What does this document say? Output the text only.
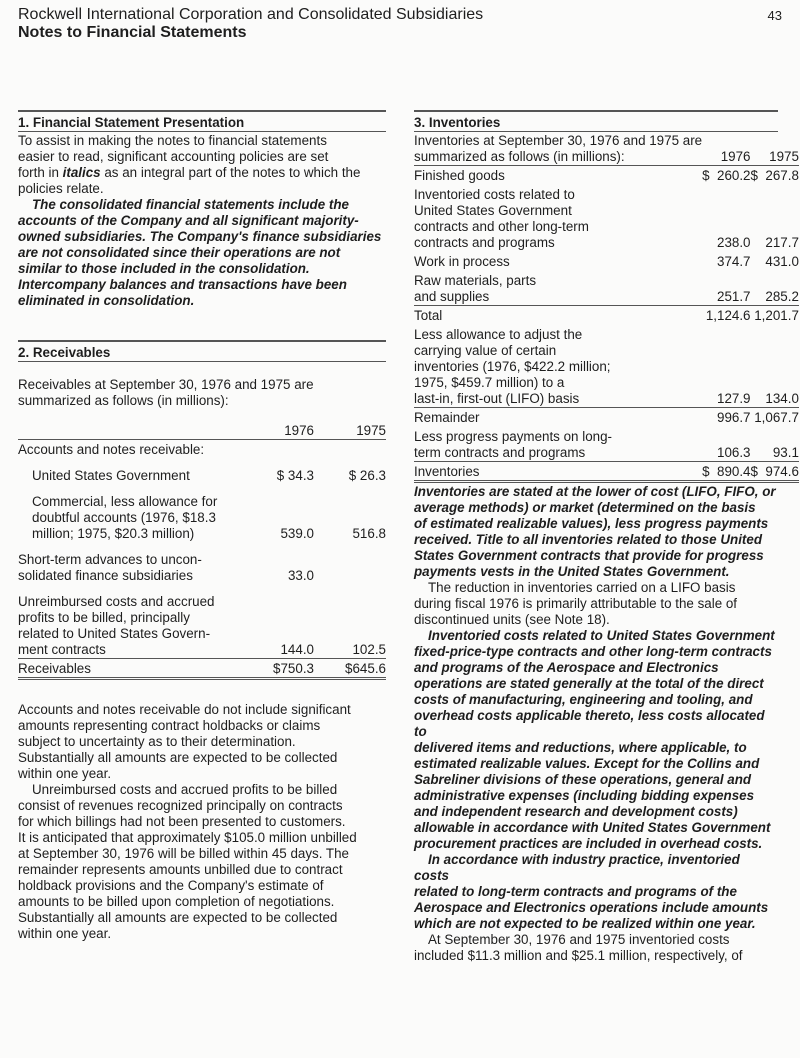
Rockwell International Corporation and Consolidated Subsidiaries
Notes to Financial Statements
43
1. Financial Statement Presentation

To assist in making the notes to financial statements
easier to read, significant accounting policies are set
forth in italics as an integral part of the notes to which the
policies relate.

The consolidated financial statements include the
accounts of the Company and all significant majority-
owned subsidiaries. The Company's finance subsidiaries
are not consolidated since their operations are not
similar to those included in the consolidation.
Intercompany balances and transactions have been
eliminated in consolidation.

2. Receivables

Receivables at September 30, 1976 and 1975 are
summarized as follows (in millions):

	1976	1975
Accounts and notes receivable:		
United States Government	$ 34.3	$ 26.3
Commercial, less allowance for
doubtful accounts (1976, $18.3
million; 1975, $20.3 million)	539.0	516.8
Short-term advances to uncon-
solidated finance subsidiaries	33.0	
Unreimbursed costs and accrued
profits to be billed, principally
related to United States Govern-
ment contracts	144.0	102.5
Receivables	$750.3	$645.6

Accounts and notes receivable do not include significant
amounts representing contract holdbacks or claims
subject to uncertainty as to their determination.
Substantially all amounts are expected to be collected
within one year.

Unreimbursed costs and accrued profits to be billed
consist of revenues recognized principally on contracts
for which billings had not been presented to customers.
It is anticipated that approximately $105.0 million unbilled
at September 30, 1976 will be billed within 45 days. The
remainder represents amounts unbilled due to contract
holdback provisions and the Company's estimate of
amounts to be billed upon completion of negotiations.
Substantially all amounts are expected to be collected
within one year.

3. Inventories
Inventories at September 30, 1976 and 1975 are
summarized as follows (in millions):	1976	1975
Finished goods	$  260.2	$  267.8
Inventoried costs related to
United States Government
contracts and other long-term
contracts and programs	238.0	217.7
Work in process	374.7	431.0
Raw materials, parts
and supplies	251.7	285.2
Total	1,124.6	1,201.7
Less allowance to adjust the
carrying value of certain
inventories (1976, $422.2 million;
1975, $459.7 million) to a
last-in, first-out (LIFO) basis	127.9	134.0
Remainder	996.7	1,067.7
Less progress payments on long-
term contracts and programs	106.3	93.1
Inventories	$  890.4	$  974.6

Inventories are stated at the lower of cost (LIFO, FIFO, or
average methods) or market (determined on the basis
of estimated realizable values), less progress payments
received. Title to all inventories related to those United
States Government contracts that provide for progress
payments vests in the United States Government.

The reduction in inventories carried on a LIFO basis
during fiscal 1976 is primarily attributable to the sale of
discontinued units (see Note 18).

Inventoried costs related to United States Government
fixed-price-type contracts and other long-term contracts
and programs of the Aerospace and Electronics
operations are stated generally at the total of the direct
costs of manufacturing, engineering and tooling, and
overhead costs applicable thereto, less costs allocated to
delivered items and reductions, where applicable, to
estimated realizable values. Except for the Collins and
Sabreliner divisions of these operations, general and
administrative expenses (including bidding expenses
and independent research and development costs)
allowable in accordance with United States Government
procurement practices are included in overhead costs.

In accordance with industry practice, inventoried costs
related to long-term contracts and programs of the
Aerospace and Electronics operations include amounts
which are not expected to be realized within one year.

At September 30, 1976 and 1975 inventoried costs
included $11.3 million and $25.1 million, respectively, of
